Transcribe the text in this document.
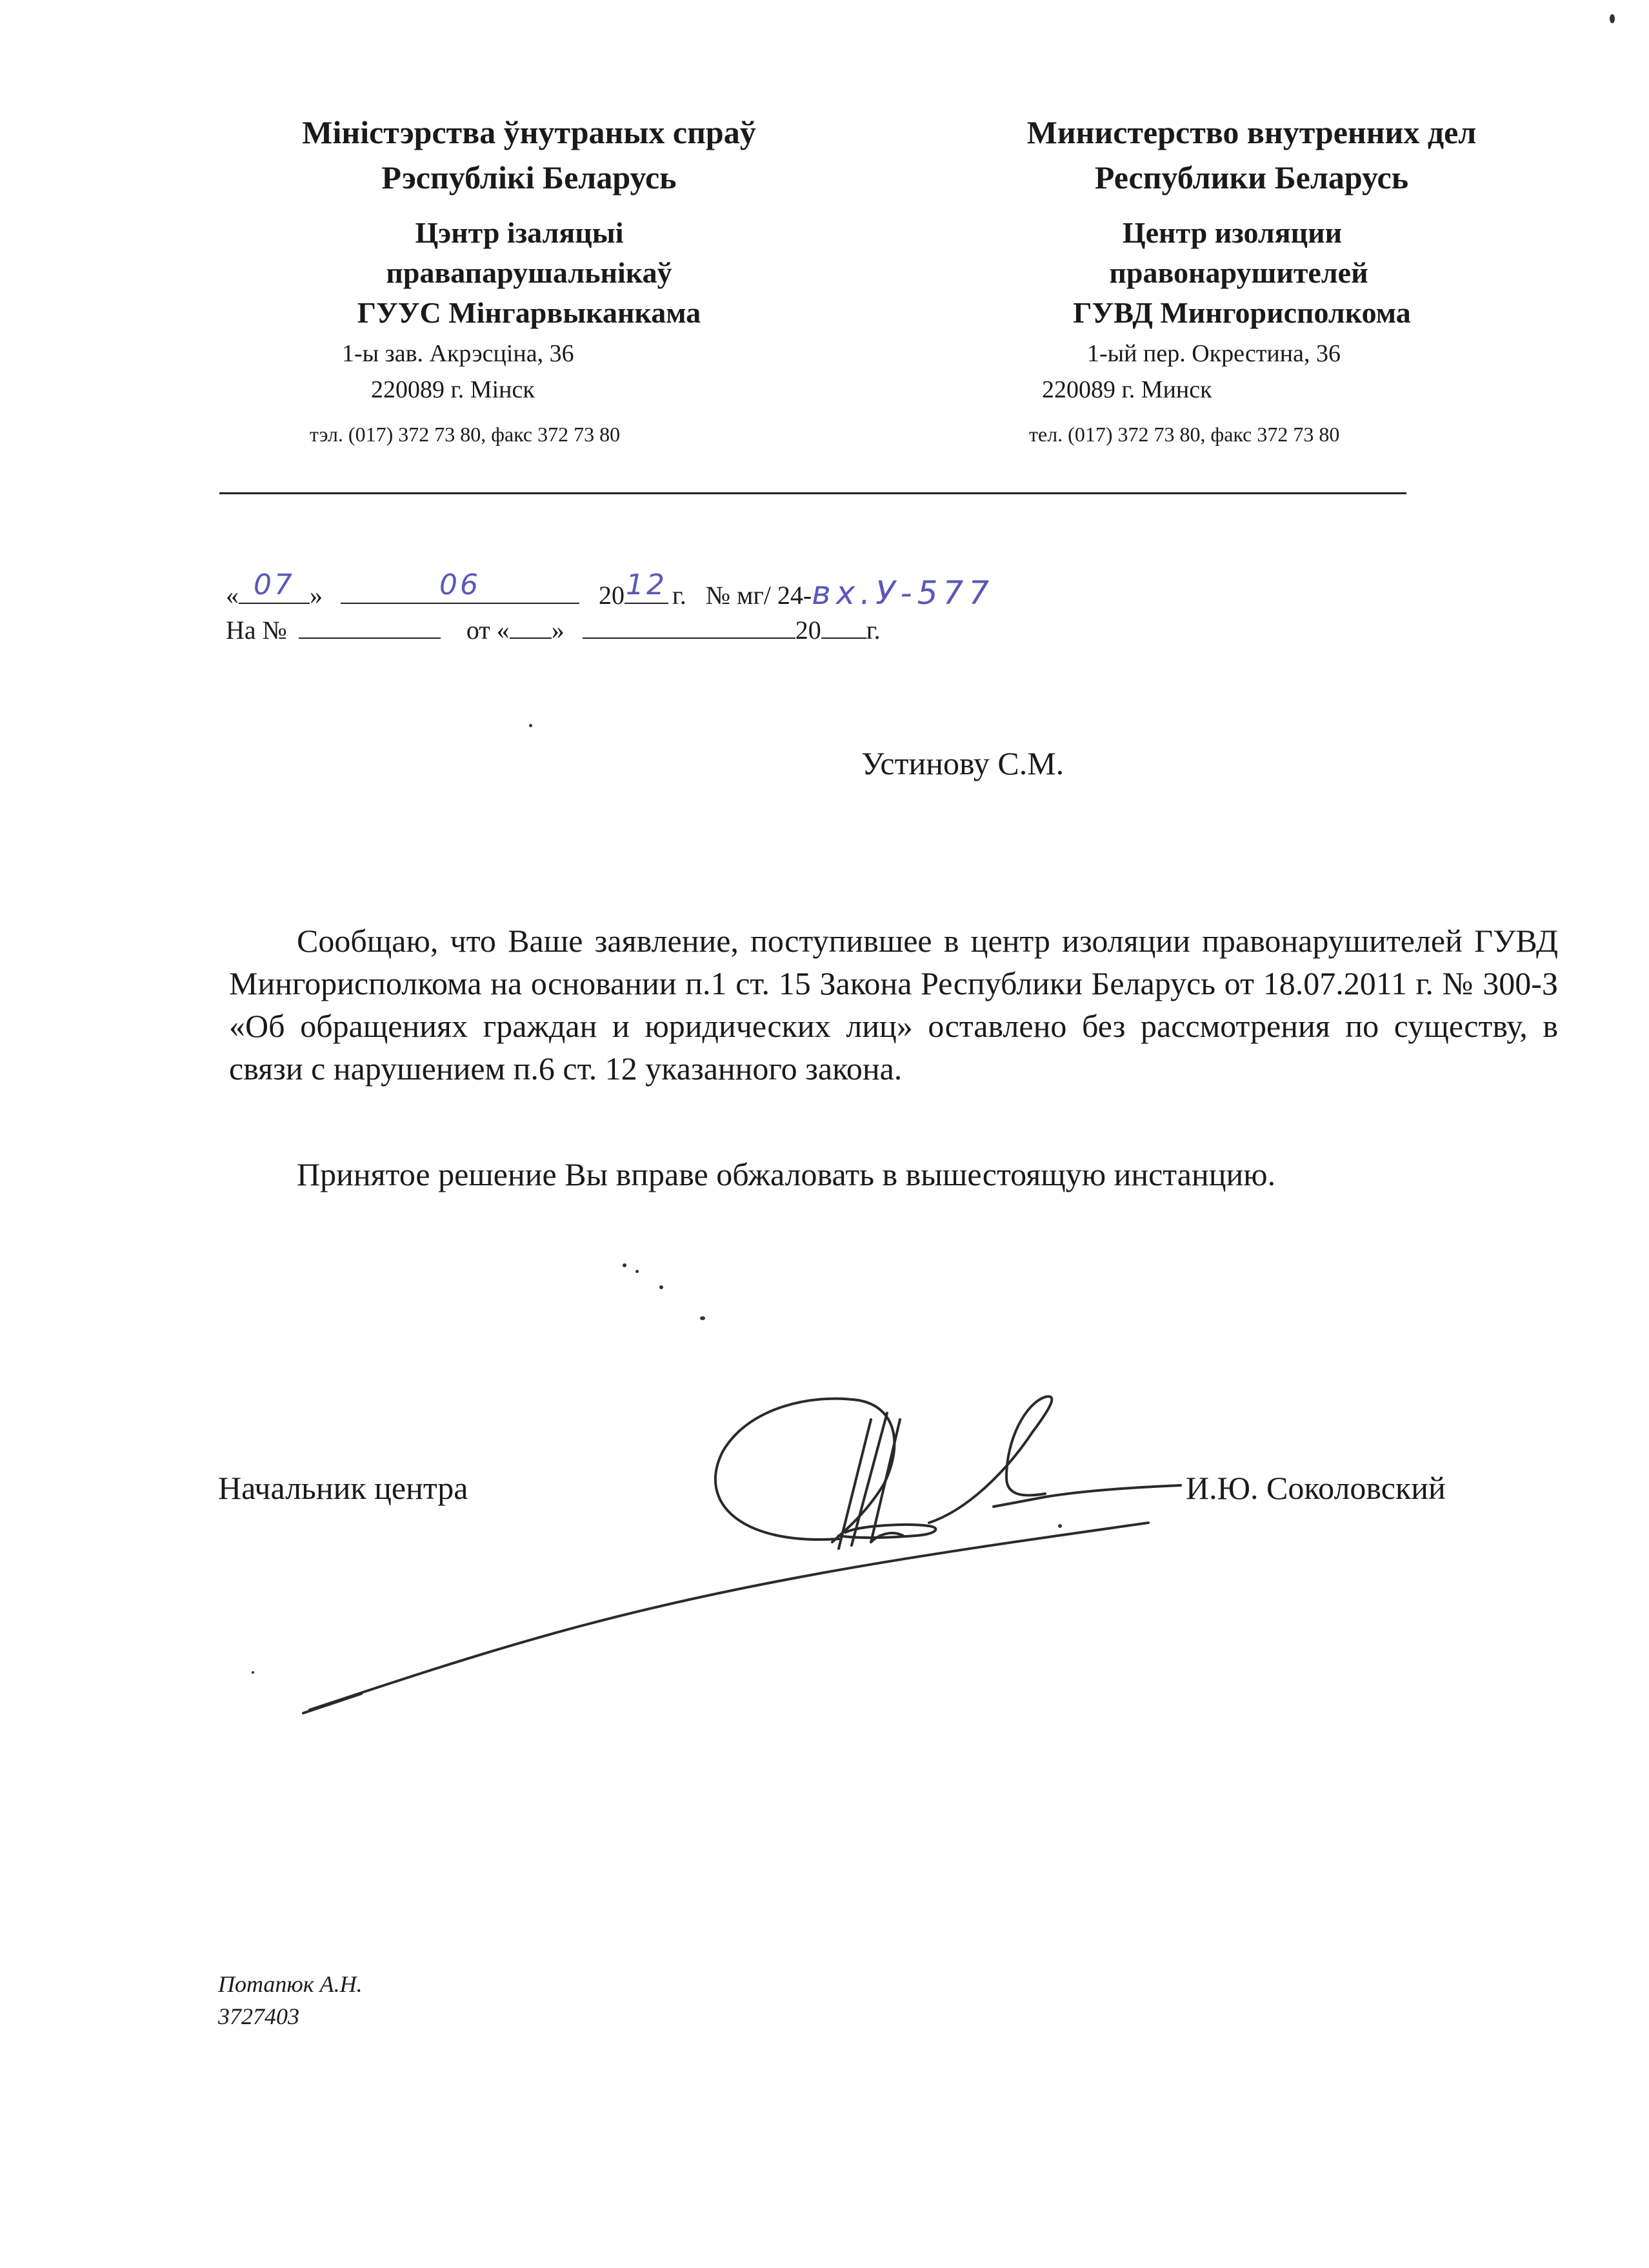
Міністэрства ўнутраных спраў
Рэспублікі Беларусь
Цэнтр ізаляцыі
правапарушальнікаў
ГУУС Мінгарвыканкама
1-ы зав. Акрэсціна, 36
220089 г. Мінск
тэл. (017) 372 73 80, факс 372 73 80
Министерство внутренних дел
Республики Беларусь
Центр изоляции
правонарушителей
ГУВД Мингорисполкома
1-ый пер. Окрестина, 36
220089 г. Минск
тел. (017) 372 73 80, факс 372 73 80
« 07 »	06	20 12 г. № мг/ 24-вх.У-577
На №	от « »	20 г.
Устинову С.М.
Сообщаю, что Ваше заявление, поступившее в центр изоляции правонарушителей ГУВД Мингорисполкома на основании п.1 ст. 15 Закона Республики Беларусь от 18.07.2011 г. № 300-З «Об обращениях граждан и юридических лиц» оставлено без рассмотрения по существу, в связи с нарушением п.6 ст. 12 указанного закона.
Принятое решение Вы вправе обжаловать в вышестоящую инстанцию.
Начальник центра	И.Ю. Соколовский
Потапюк А.Н.
3727403
